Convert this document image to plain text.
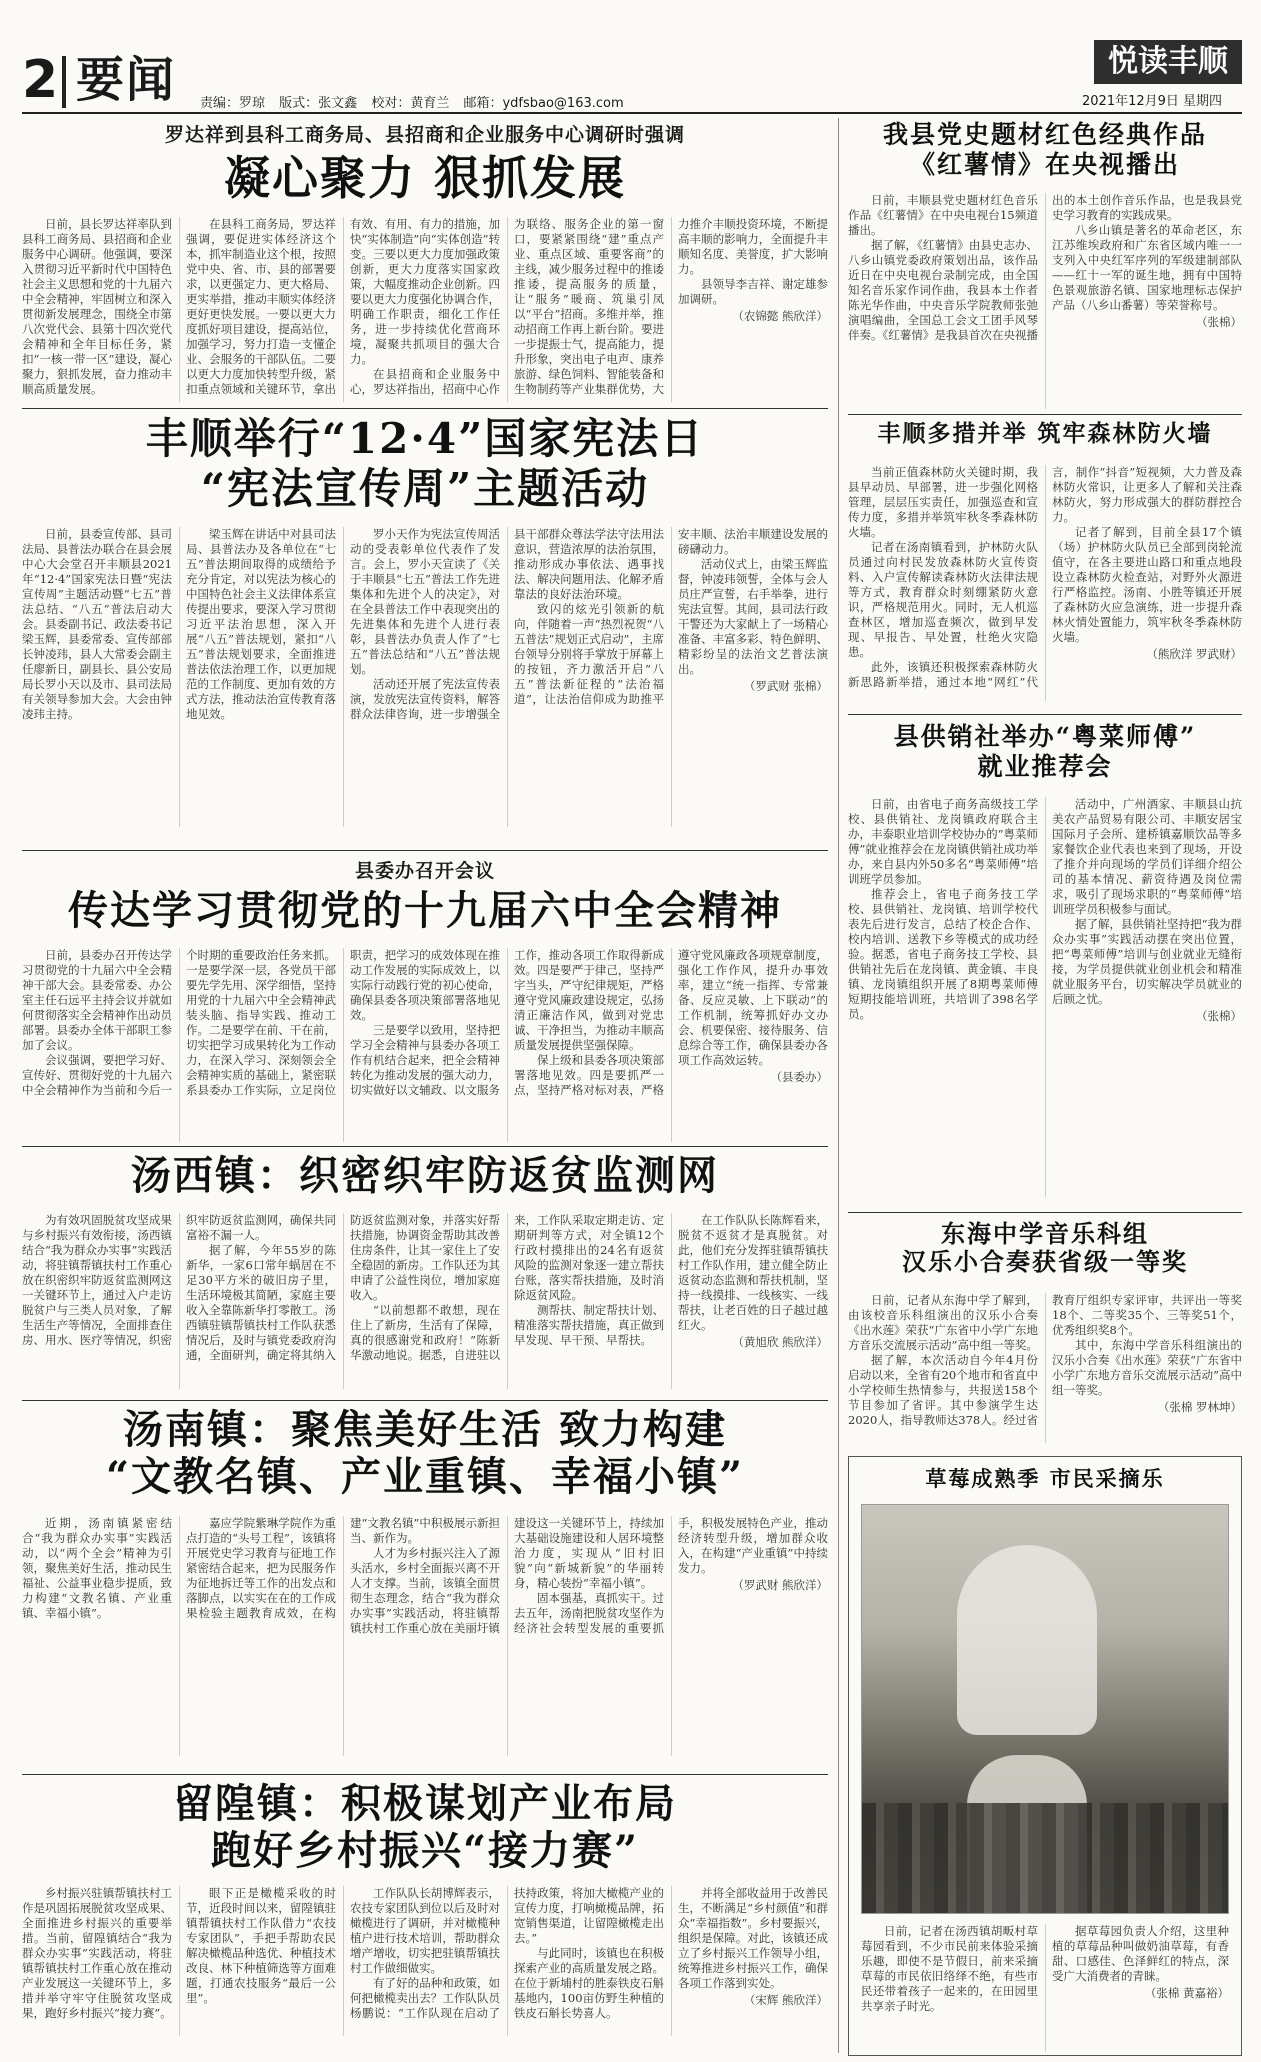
2 要闻 责编：罗琼 版式：张文鑫 校对：黄育兰 邮箱：ydfsbao@163.com
悦读丰顺
2021年12月9日 星期四
罗达祥到县科工商务局、县招商和企业服务中心调研时强调
凝心聚力 狠抓发展

日前，县长罗达祥率队到县科工商务局、县招商和企业服务中心调研。他强调，要深入贯彻习近平新时代中国特色社会主义思想和党的十九届六中全会精神，牢固树立和深入贯彻新发展理念，围绕全市第八次党代会、县第十四次党代会精神和全年目标任务，紧扣“一核一带一区”建设，凝心聚力，狠抓发展，奋力推动丰顺高质量发展。

在县科工商务局，罗达祥强调，要促进实体经济这个本，抓牢制造业这个根，按照党中央、省、市、县的部署要求，以更强定力、更大格局、更实举措，推动丰顺实体经济更好更快发展。一要以更大力度抓好项目建设，提高站位，加强学习，努力打造一支懂企业、会服务的干部队伍。二要以更大力度加快转型升级，紧扣重点领域和关键环节，拿出有效、有用、有力的措施，加快“实体制造”向“实体创造”转变。三要以更大力度加强政策创新，更大力度落实国家政策，大幅度推动企业创新。四要以更大力度强化协调合作，明确工作职责，细化工作任务，进一步持续优化营商环境，凝聚共抓项目的强大合力。

在县招商和企业服务中心，罗达祥指出，招商中心作为联络、服务企业的第一窗口，要紧紧围绕“建”重点产业、重点区域、重要客商”的主线，减少服务过程中的推诿推诿，提高服务的质量，让“服务”暖商、筑巢引凤以“平台”招商。多维并举，推动招商工作再上新台阶。要进一步提振士气，提高能力，提升形象，突出电子电声、康养旅游、绿色饲料、智能装备和生物制药等产业集群优势，大力推介丰顺投资环境，不断提高丰顺的影响力，全面提升丰顺知名度、美誉度，扩大影响力。

县领导李吉祥、谢定雄参加调研。

（农锦懿 熊欣洋）
丰顺举行“12·4”国家宪法日
“宪法宣传周”主题活动

日前，县委宣传部、县司法局、县普法办联合在县会展中心大会堂召开丰顺县2021年“12·4”国家宪法日暨“宪法宣传周”主题活动暨“七五”普法总结、“八五”普法启动大会。县委副书记、政法委书记梁玉辉，县委常委、宣传部部长钟凌玮，县人大常委会副主任廖新日，副县长、县公安局局长罗小天以及市、县司法局有关领导参加大会。大会由钟凌玮主持。

梁玉辉在讲话中对县司法局、县普法办及各单位在“七五”普法期间取得的成绩给予充分肯定，对以宪法为核心的中国特色社会主义法律体系宣传提出要求，要深入学习贯彻习近平法治思想，深入开展“八五”普法规划，紧扣“八五”普法规划要求，全面推进普法依法治理工作，以更加规范的工作制度、更加有效的方式方法，推动法治宣传教育落地见效。

罗小天作为宪法宣传周活动的受表彰单位代表作了发言。会上，罗小天宣读了《关于丰顺县“七五”普法工作先进集体和先进个人的决定》，对在全县普法工作中表现突出的先进集体和先进个人进行表彰，县普法办负责人作了“七五”普法总结和“八五”普法规划。

活动还开展了宪法宣传表演，发放宪法宣传资料，解答群众法律咨询，进一步增强全县干部群众尊法学法守法用法意识，营造浓厚的法治氛围，推动形成办事依法、遇事找法、解决问题用法、化解矛盾靠法的良好法治环境。

致闪的炫光引领新的航向，伴随着一声“热烈祝贺“八五普法”规划正式启动”，主席台领导分别将手掌放于屏幕上的按钮，齐力激活开启“八五”普法新征程的“法治福道”，让法治信仰成为助推平安丰顺、法治丰顺建设发展的磅礴动力。

活动仪式上，由梁玉辉监督，钟凌玮领誓，全体与会人员庄严宣誓，右手举拳，进行宪法宣誓。其间，县司法行政干警还为大家献上了一场精心准备、丰富多彩、特色鲜明、精彩纷呈的法治文艺普法演出。

（罗武财 张棉）
县委办召开会议
传达学习贯彻党的十九届六中全会精神

日前，县委办召开传达学习贯彻党的十九届六中全会精神干部大会。县委常委、办公室主任石远平主持会议并就如何贯彻落实全会精神作出动员部署。县委办全体干部职工参加了会议。

会议强调，要把学习好、宣传好、贯彻好党的十九届六中全会精神作为当前和今后一个时期的重要政治任务来抓。一是要学深一层，各党员干部要先学先用、深学细悟，坚持用党的十九届六中全会精神武装头脑、指导实践、推动工作。二是要学在前、干在前，切实把学习成果转化为工作动力，在深入学习、深刻领会全会精神实质的基础上，紧密联系县委办工作实际，立足岗位职责，把学习的成效体现在推动工作发展的实际成效上，以实际行动践行党的初心使命，确保县委各项决策部署落地见效。

三是要学以致用，坚持把学习全会精神与县委办各项工作有机结合起来，把全会精神转化为推动发展的强大动力，切实做好以文辅政、以文服务工作，推动各项工作取得新成效。四是要严于律己，坚持严字当头，严守纪律规矩，严格遵守党风廉政建设规定，弘扬清正廉洁作风，做到对党忠诚、干净担当，为推动丰顺高质量发展提供坚强保障。

保上级和县委各项决策部署落地见效。四是要抓严一点，坚持严格对标对表，严格遵守党风廉政各项规章制度，强化工作作风，提升办事效率，建立“统一指挥、专常兼备、反应灵敏、上下联动”的工作机制，统筹抓好办文办会、机要保密、接待服务、信息综合等工作，确保县委办各项工作高效运转。

（县委办）
汤西镇：织密织牢防返贫监测网

为有效巩固脱贫攻坚成果与乡村振兴有效衔接，汤西镇结合“我为群众办实事”实践活动，将驻镇帮镇扶村工作重心放在织密织牢防返贫监测网这一关键环节上，通过入户走访脱贫户与三类人员对象，了解生活生产等情况，全面排查住房、用水、医疗等情况，织密织牢防返贫监测网，确保共同富裕不漏一人。

据了解，今年55岁的陈新华，一家6口常年蜗居在不足30平方米的破旧房子里，生活环境极其简陋，家庭主要收入全靠陈新华打零散工。汤西镇驻镇帮镇扶村工作队获悉情况后，及时与镇党委政府沟通，全面研判，确定将其纳入防返贫监测对象，并落实好帮扶措施，协调资金帮助其改善住房条件，让其一家住上了安全稳固的新房。工作队还为其申请了公益性岗位，增加家庭收入。

“以前想都不敢想，现在住上了新房，生活有了保障，真的很感谢党和政府！”陈新华激动地说。据悉，自进驻以来，工作队采取定期走访、定期研判等方式，对全镇12个行政村摸排出的24名有返贫风险的监测对象逐一建立帮扶台账，落实帮扶措施，及时消除返贫风险。

测帮扶、制定帮扶计划、精准落实帮扶措施，真正做到早发现、早干预、早帮扶。

在工作队队长陈辉看来，脱贫不返贫才是真脱贫。对此，他们充分发挥驻镇帮镇扶村工作队作用，建立健全防止返贫动态监测和帮扶机制，坚持一线摸排、一线核实、一线帮扶，让老百姓的日子越过越红火。

（黄旭欣 熊欣洋）
汤南镇：聚焦美好生活 致力构建
“文教名镇、产业重镇、幸福小镇”

近期，汤南镇紧密结合“我为群众办实事”实践活动，以“两个全会”精神为引领，聚焦美好生活，推动民生福祉、公益事业稳步提质，致力构建“文教名镇、产业重镇、幸福小镇”。

嘉应学院紫琳学院作为重点打造的“头号工程”，该镇将开展党史学习教育与征地工作紧密结合起来，把为民服务作为征地拆迁等工作的出发点和落脚点，以实实在在的工作成果检验主题教育成效，在构建“文教名镇”中积极展示新担当、新作为。

人才为乡村振兴注入了源头活水，乡村全面振兴离不开人才支撑。当前，该镇全面贯彻生态理念，结合“我为群众办实事”实践活动，将驻镇帮镇扶村工作重心放在美丽圩镇建设这一关键环节上，持续加大基础设施建设和人居环境整治力度，实现从“旧村旧貌”向“新城新貌”的华丽转身，精心装扮“幸福小镇”。

固本强基，真抓实干。过去五年，汤南把脱贫攻坚作为经济社会转型发展的重要抓手，积极发展特色产业，推动经济转型升级，增加群众收入，在构建“产业重镇”中持续发力。

（罗武财 熊欣洋）
留隍镇：积极谋划产业布局
跑好乡村振兴“接力赛”

乡村振兴驻镇帮镇扶村工作是巩固拓展脱贫攻坚成果、全面推进乡村振兴的重要举措。当前，留隍镇结合“我为群众办实事”实践活动，将驻镇帮镇扶村工作重心放在推动产业发展这一关键环节上，多措并举守牢守住脱贫攻坚成果，跑好乡村振兴“接力赛”。

眼下正是橄榄采收的时节，近段时间以来，留隍镇驻镇帮镇扶村工作队借力“农技专家团队”，手把手帮助农民解决橄榄品种选优、种植技术改良、林下种植筛选等方面难题，打通农技服务“最后一公里”。

工作队队长胡博辉表示，农技专家团队到位以后及时对橄榄进行了调研，并对橄榄种植户进行技术培训，帮助群众增产增收，切实把驻镇帮镇扶村工作做细做实。

有了好的品种和政策，如何把橄榄卖出去？工作队队员杨鹏说：“工作队现在启动了扶持政策，将加大橄榄产业的宣传力度，打响橄榄品牌，拓宽销售渠道，让留隍橄榄走出去。”

与此同时，该镇也在积极探索产业的高质量发展之路。在位于新埔村的胜泰铁皮石斛基地内，100亩仿野生种植的铁皮石斛长势喜人。

并将全部收益用于改善民生，不断满足“乡村颜值”和群众“幸福指数”。乡村要振兴，组织是保障。对此，该镇还成立了乡村振兴工作领导小组，统筹推进乡村振兴工作，确保各项工作落到实处。

（宋辉 熊欣洋）
我县党史题材红色经典作品
《红薯情》在央视播出

日前，丰顺县党史题材红色音乐作品《红薯情》在中央电视台15频道播出。

据了解，《红薯情》由县史志办、八乡山镇党委政府策划出品，该作品近日在中央电视台录制完成，由全国知名音乐家作词作曲，我县本土作者陈光华作曲，中央音乐学院教师张弛演唱编曲，全国总工会文工团手风琴伴奏。《红薯情》是我县首次在央视播出的本土创作音乐作品，也是我县党史学习教育的实践成果。

八乡山镇是著名的革命老区，东江苏维埃政府和广东省区域内唯一一支列入中央红军序列的军级建制部队——红十一军的诞生地，拥有中国特色景观旅游名镇、国家地理标志保护产品（八乡山番薯）等荣誉称号。

（张棉）
丰顺多措并举 筑牢森林防火墙

当前正值森林防火关键时期，我县早动员、早部署，进一步强化网格管理，层层压实责任，加强巡查和宣传力度，多措并举筑牢秋冬季森林防火墙。

记者在汤南镇看到，护林防火队员通过向村民发放森林防火宣传资料、入户宣传解读森林防火法律法规等方式，教育群众时刻绷紧防火意识，严格规范用火。同时，无人机巡查林区，增加巡查频次，做到早发现、早报告、早处置，杜绝火灾隐患。

此外，该镇还积极探索森林防火新思路新举措，通过本地“网红”代言，制作“抖音”短视频，大力普及森林防火常识，让更多人了解和关注森林防火，努力形成强大的群防群控合力。

记者了解到，目前全县17个镇（场）护林防火队员已全部到岗轮流值守，在各主要进山路口和重点地段设立森林防火检查站，对野外火源进行严格监控。汤南、小胜等镇还开展了森林防火应急演练，进一步提升森林火情处置能力，筑牢秋冬季森林防火墙。

（熊欣洋 罗武财）
县供销社举办“粤菜师傅”
就业推荐会

日前，由省电子商务高级技工学校、县供销社、龙岗镇政府联合主办，丰泰职业培训学校协办的“粤菜师傅”就业推荐会在龙岗镇供销社成功举办，来自县内外50多名“粤菜师傅”培训班学员参加。

推荐会上，省电子商务技工学校、县供销社、龙岗镇、培训学校代表先后进行发言，总结了校企合作、校内培训、送教下乡等模式的成功经验。据悉，省电子商务技工学校、县供销社先后在龙岗镇、黄金镇、丰良镇、龙岗镇组织开展了8期粤菜师傅短期技能培训班，共培训了398名学员。

活动中，广州酒家、丰顺县山抗美农产品贸易有限公司、丰顺安居宝国际月子会所、建桥镇嘉顺饮品等多家餐饮企业代表也来到了现场，开设了推介并向现场的学员们详细介绍公司的基本情况、薪资待遇及岗位需求，吸引了现场求职的“粤菜师傅”培训班学员积极参与面试。

据了解，县供销社坚持把“我为群众办实事”实践活动摆在突出位置，把“粤菜师傅”培训与创业就业无缝衔接，为学员提供就业创业机会和精准就业服务平台，切实解决学员就业的后顾之忧。

（张棉）
东海中学音乐科组
汉乐小合奏获省级一等奖

日前，记者从东海中学了解到，由该校音乐科组演出的汉乐小合奏《出水莲》荣获“广东省中小学广东地方音乐交流展示活动”高中组一等奖。

据了解，本次活动自今年4月份启动以来，全省有20个地市和省直中小学校师生热情参与，共报送158个节目参加了省评。其中参演学生达2020人，指导教师达378人。经过省教育厅组织专家评审，共评出一等奖18个、二等奖35个、三等奖51个，优秀组织奖8个。

其中，东海中学音乐科组演出的汉乐小合奏《出水莲》荣获“广东省中小学广东地方音乐交流展示活动”高中组一等奖。

（张棉 罗林坤）
草莓成熟季 市民采摘乐

日前，记者在汤西镇胡畈村草莓园看到，不少市民前来体验采摘乐趣，即使不是节假日，前来采摘草莓的市民依旧络绎不绝，有些市民还带着孩子一起来的，在田园里共享亲子时光。

据草莓园负责人介绍，这里种植的草莓品种叫做奶油草莓，有香甜、口感佳、色泽鲜红的特点，深受广大消费者的青睐。

（张棉 黄嘉裕）
